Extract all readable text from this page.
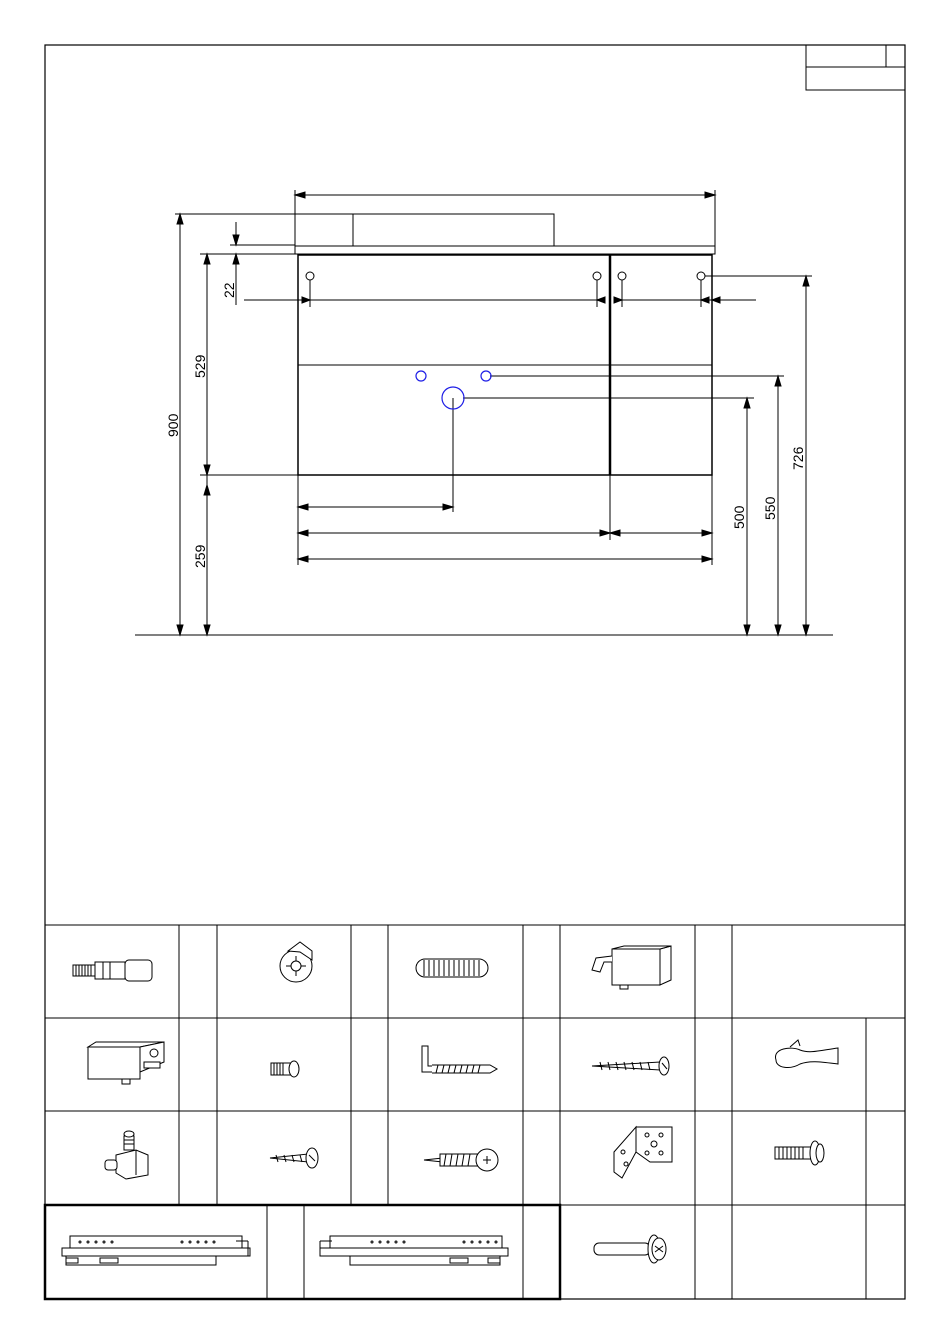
900
529
22
259
500 550
726
